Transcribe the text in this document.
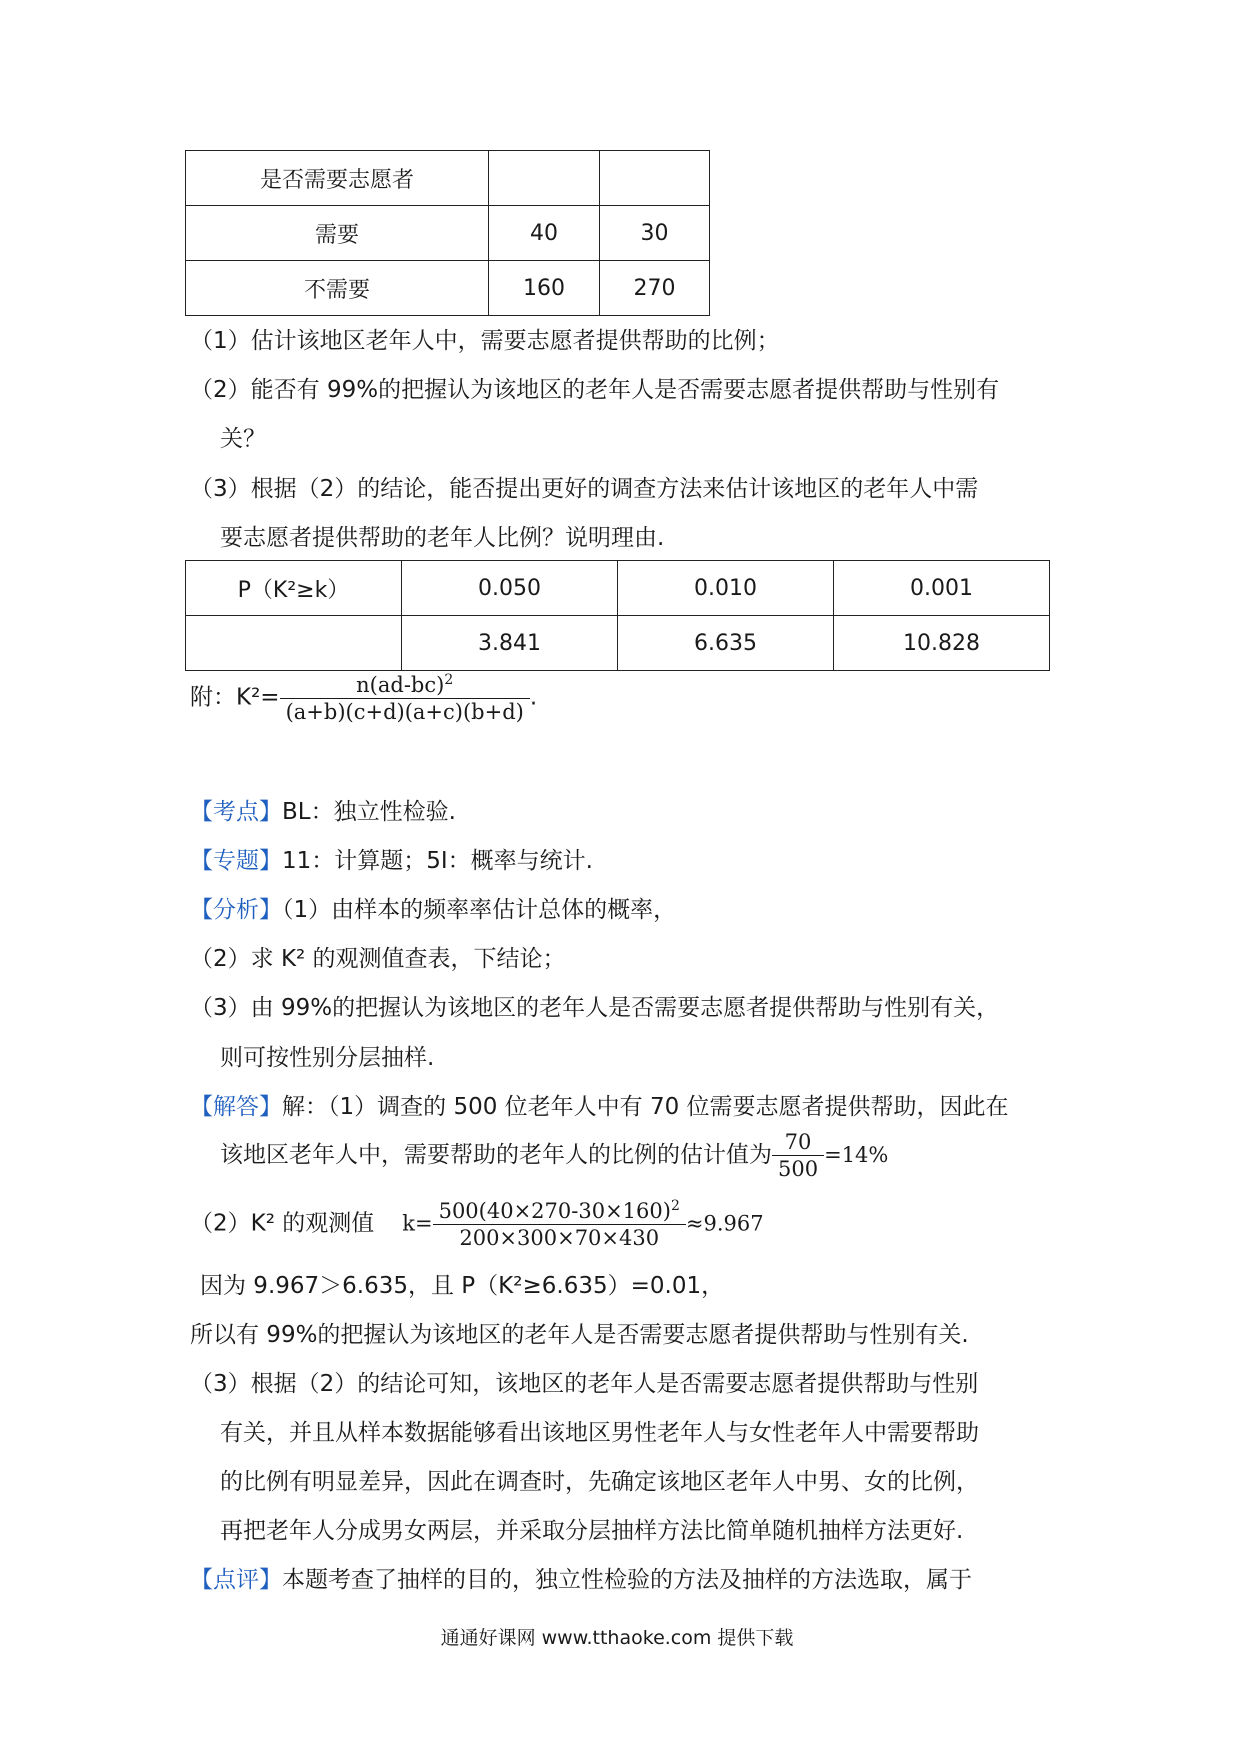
是否需要志愿者		
需要	40	30
不需要	160	270
（1）估计该地区老年人中，需要志愿者提供帮助的比例；
（2）能否有 99%的把握认为该地区的老年人是否需要志愿者提供帮助与性别有
关？
（3）根据（2）的结论，能否提出更好的调查方法来估计该地区的老年人中需
要志愿者提供帮助的老年人比例？说明理由.
P（K²≥k）	0.050	0.010	0.001
	3.841	6.635	10.828
附：$K^2= \frac{n(ad-bc)^2}{(a+b)(c+d)(a+c)(b+d)}$ .
【考点】BL：独立性检验.
【专题】11：计算题；5I：概率与统计.
【分析】（1）由样本的频率率估计总体的概率，
（2）求 K² 的观测值查表，下结论；
（3）由 99%的把握认为该地区的老年人是否需要志愿者提供帮助与性别有关，
则可按性别分层抽样.
【解答】解：（1）调查的 500 位老年人中有 70 位需要志愿者提供帮助，因此在
该地区老年人中，需要帮助的老年人的比例的估计值为 $\frac{70}{500} =14\%$
（2）K² 的观测值 $k= \frac{500(40\times 270-30\times 160)^2}{200\times 300\times 70\times 430} \approx 9.967$
因为 9.967＞6.635，且 P（K²≥6.635）=0.01，
所以有 99%的把握认为该地区的老年人是否需要志愿者提供帮助与性别有关.
（3）根据（2）的结论可知，该地区的老年人是否需要志愿者提供帮助与性别
有关，并且从样本数据能够看出该地区男性老年人与女性老年人中需要帮助
的比例有明显差异，因此在调查时，先确定该地区老年人中男、女的比例，
再把老年人分成男女两层，并采取分层抽样方法比简单随机抽样方法更好.
【点评】本题考查了抽样的目的，独立性检验的方法及抽样的方法选取，属于
通通好课网 www.tthaoke.com 提供下载
